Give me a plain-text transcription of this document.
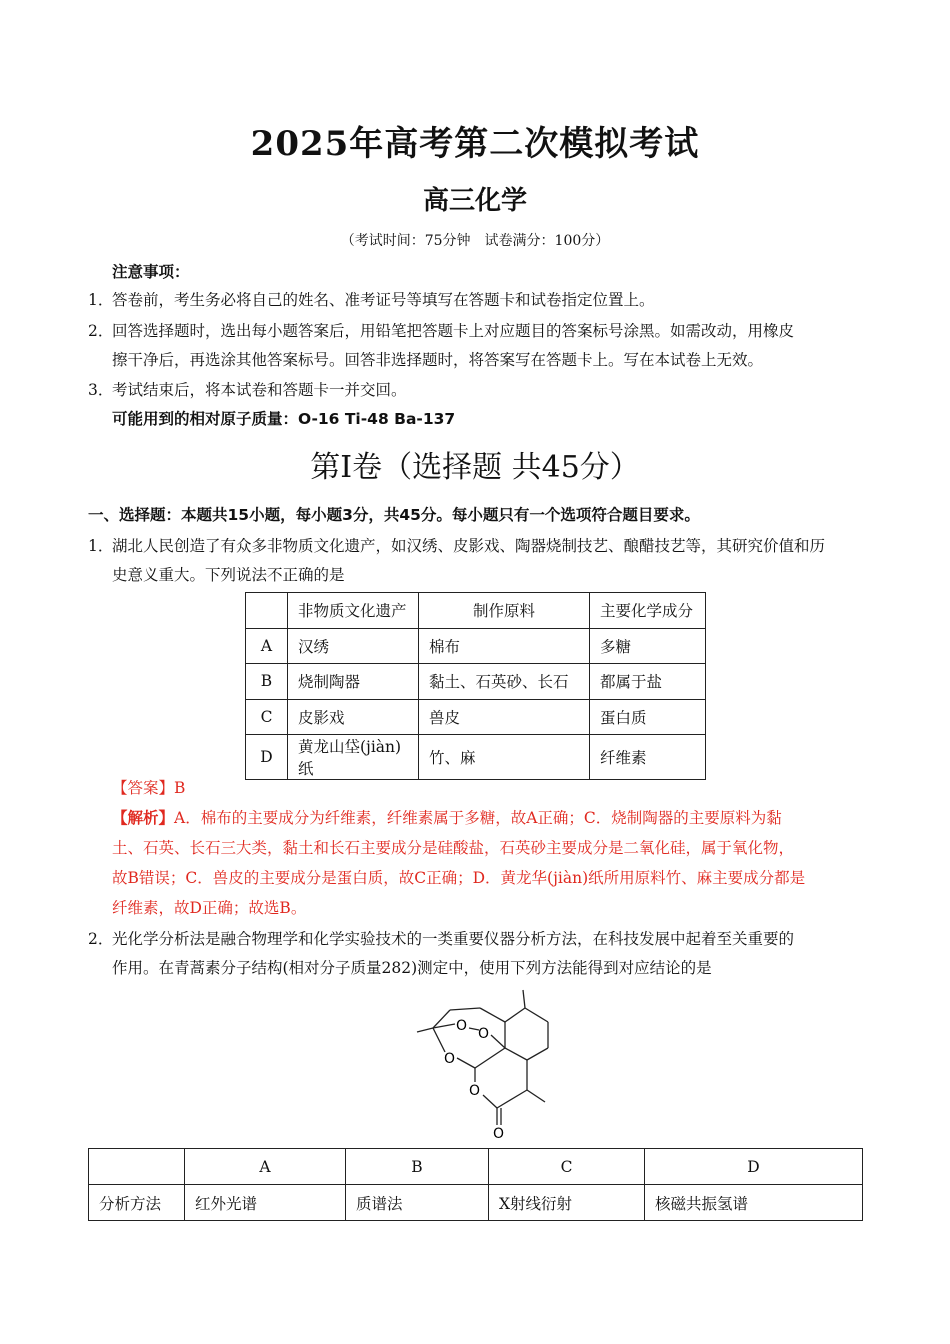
2025年高考第二次模拟考试
高三化学
（考试时间：75分钟　试卷满分：100分）
注意事项：
1．
答卷前，考生务必将自己的姓名、准考证号等填写在答题卡和试卷指定位置上。
2．
回答选择题时，选出每小题答案后，用铅笔把答题卡上对应题目的答案标号涂黑。如需改动，用橡皮
擦干净后，再选涂其他答案标号。回答非选择题时，将答案写在答题卡上。写在本试卷上无效。
3．
考试结束后，将本试卷和答题卡一并交回。
可能用到的相对原子质量：O-16 Ti-48 Ba-137
第Ⅰ卷（选择题 共45分）
一、选择题：本题共15小题，每小题3分，共45分。每小题只有一个选项符合题目要求。
1．
湖北人民创造了有众多非物质文化遗产，如汉绣、皮影戏、陶器烧制技艺、酿醋技艺等，其研究价值和历
史意义重大。下列说法不正确的是
	非物质文化遗产	制作原料	主要化学成分
A	汉绣	棉布	多糖
B	烧制陶器	黏土、石英砂、长石	都属于盐
C	皮影戏	兽皮	蛋白质
D	黄龙山垈(jiàn)纸	竹、麻	纤维素
【答案】B
【解析】A．棉布的主要成分为纤维素，纤维素属于多糖，故A正确；C．烧制陶器的主要原料为黏
土、石英、长石三大类，黏土和长石主要成分是硅酸盐，石英砂主要成分是二氧化硅，属于氧化物，
故B错误；C．兽皮的主要成分是蛋白质，故C正确；D．黄龙华(jiàn)纸所用原料竹、麻主要成分都是
纤维素，故D正确；故选B。
2．
光化学分析法是融合物理学和化学实验技术的一类重要仪器分析方法，在科技发展中起着至关重要的
作用。在青蒿素分子结构(相对分子质量282)测定中，使用下列方法能得到对应结论的是
O O
O
O
O
	A	B	C	D
分析方法	红外光谱	质谱法	X射线衍射	核磁共振氢谱
